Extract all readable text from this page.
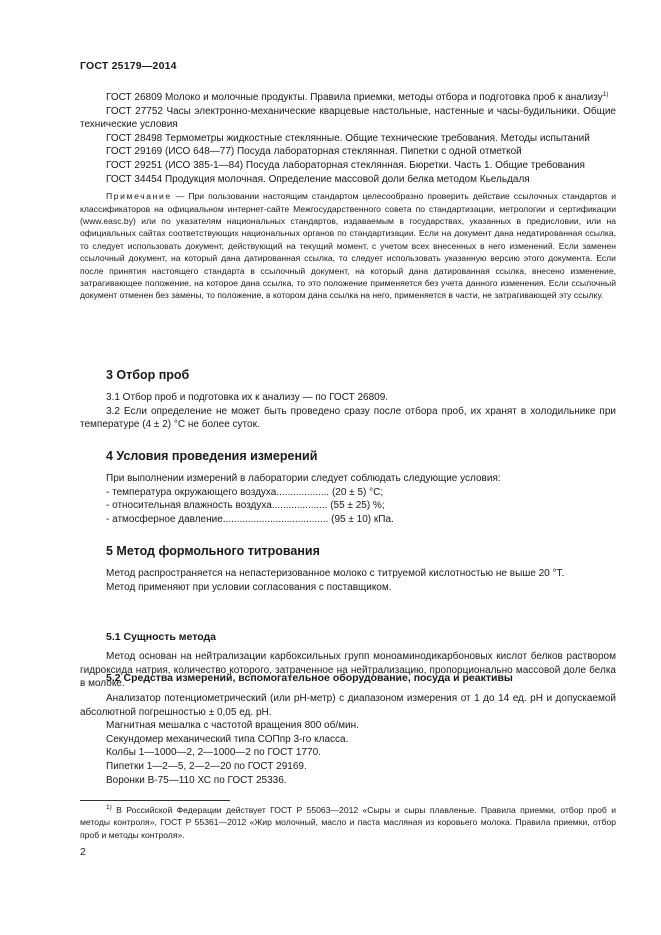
ГОСТ 25179—2014

ГОСТ 26809 Молоко и молочные продукты. Правила приемки, методы отбора и подготовка проб к анализу$^{1)}$

ГОСТ 27752 Часы электронно-механические кварцевые настольные, настенные и часы-будильники. Общие технические условия

ГОСТ 28498 Термометры жидкостные стеклянные. Общие технические требования. Методы испытаний

ГОСТ 29169 (ИСО 648—77) Посуда лабораторная стеклянная. Пипетки с одной отметкой

ГОСТ 29251 (ИСО 385-1—84) Посуда лабораторная стеклянная. Бюретки. Часть 1. Общие требования

ГОСТ 34454 Продукция молочная. Определение массовой доли белка методом Кьельдаля

Примечание — При пользовании настоящим стандартом целесообразно проверить действие ссылочных стандартов и классификаторов на официальном интернет-сайте Межгосударственного совета по стандартизации, метрологии и сертификации (www.easc.by) или по указателям национальных стандартов, издаваемым в государствах, указанных в предисловии, или на официальных сайтах соответствующих национальных органов по стандартизации. Если на документ дана недатированная ссылка, то следует использовать документ, действующий на текущий момент, с учетом всех внесенных в него изменений. Если заменен ссылочный документ, на который дана датированная ссылка, то следует использовать указанную версию этого документа. Если после принятия настоящего стандарта в ссылочный документ, на который дана датированная ссылка, внесено изменение, затрагивающее положение, на которое дана ссылка, то это положение применяется без учета данного изменения. Если ссылочный документ отменен без замены, то положение, в котором дана ссылка на него, применяется в части, не затрагивающей эту ссылку.

3 Отбор проб

3.1 Отбор проб и подготовка их к анализу — по ГОСТ 26809.

3.2 Если определение не может быть проведено сразу после отбора проб, их хранят в холодильнике при температуре (4 ± 2) °С не более суток.

4 Условия проведения измерений

При выполнении измерений в лаборатории следует соблюдать следующие условия:

- температура окружающего воздуха................... (20 ± 5) °С;

- относительная влажность воздуха.................... (55 ± 25) %;

- атмосферное давление...................................... (95 ± 10) кПа.

5 Метод формольного титрования

Метод распространяется на непастеризованное молоко с титруемой кислотностью не выше 20 °Т.

Метод применяют при условии согласования с поставщиком.

5.1 Сущность метода

Метод основан на нейтрализации карбоксильных групп моноаминодикарбоновых кислот белков раствором гидроксида натрия, количество которого, затраченное на нейтрализацию, пропорционально массовой доле белка в молоке.

5.2 Средства измерений, вспомогательное оборудование, посуда и реактивы

Анализатор потенциометрический (или рН-метр) с диапазоном измерения от 1 до 14 ед. рН и допускаемой абсолютной погрешностью ± 0,05 ед. рН.

Магнитная мешалка с частотой вращения 800 об/мин.

Секундомер механический типа СОПпр 3-го класса.

Колбы 1—1000—2, 2—1000—2 по ГОСТ 1770.

Пипетки 1—2—5, 2—2—20 по ГОСТ 29169.

Воронки В-75—110 ХС по ГОСТ 25336.

$^{1)}$ В Российской Федерации действует ГОСТ Р 55063—2012 «Сыры и сыры плавленые. Правила приемки, отбор проб и методы контроля», ГОСТ Р 55361—2012 «Жир молочный, масло и паста масляная из коровьего молока. Правила приемки, отбор проб и методы контроля».

2
